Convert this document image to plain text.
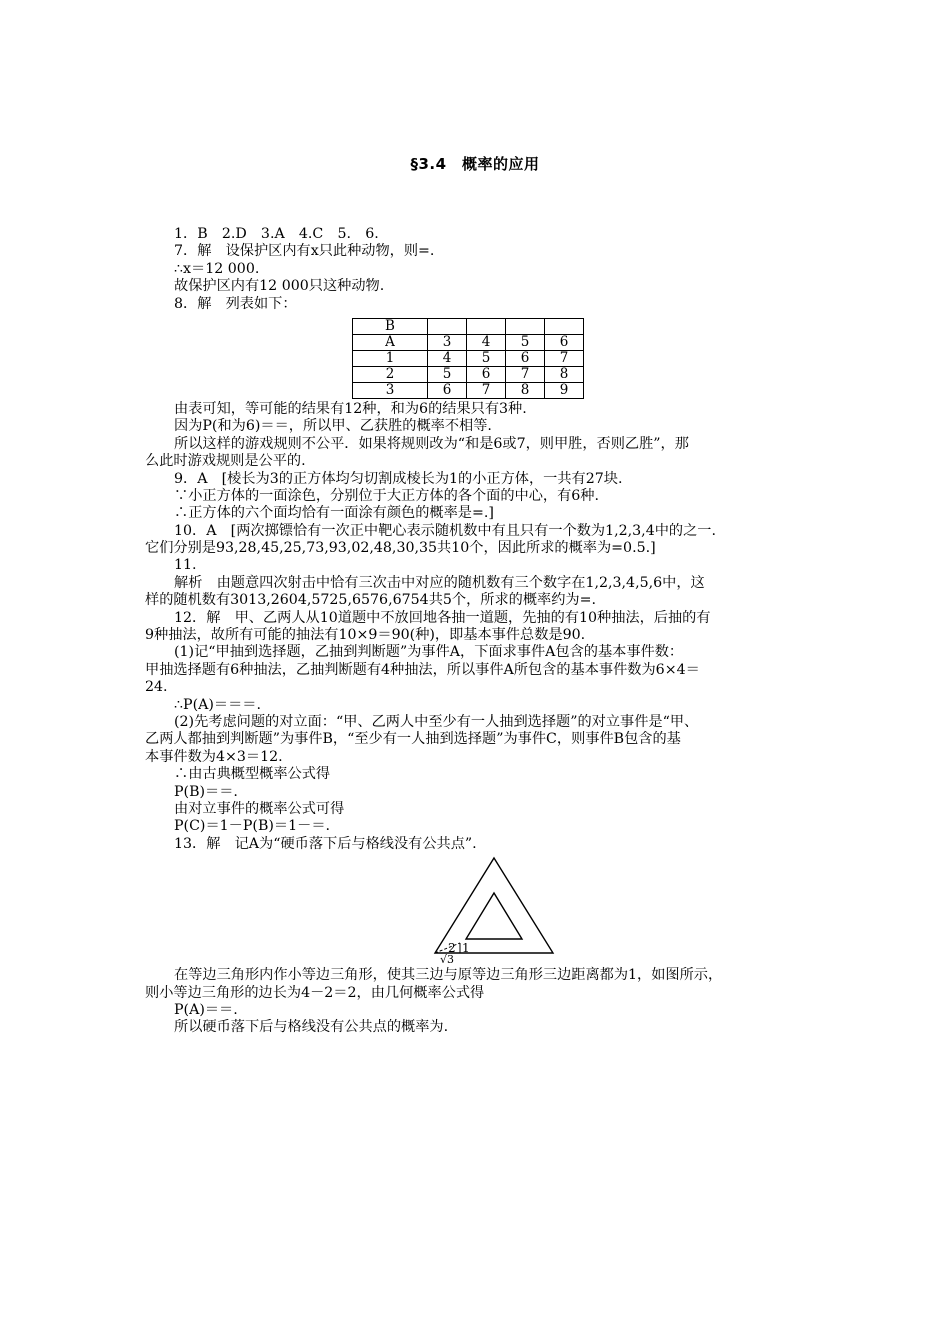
§3.4　概率的应用
1．B　2.D　3.A　4.C　5.　6.
7．解　设保护区内有x只此种动物，则=.
∴x＝12 000.
故保护区内有12 000只这种动物.
8．解　列表如下：
B				
A	3	4	5	6
1	4	5	6	7
2	5	6	7	8
3	6	7	8	9
由表可知，等可能的结果有12种，和为6的结果只有3种.
因为P(和为6)＝＝，所以甲、乙获胜的概率不相等.
所以这样的游戏规则不公平．如果将规则改为“和是6或7，则甲胜，否则乙胜”，那
么此时游戏规则是公平的.
9．A　[棱长为3的正方体均匀切割成棱长为1的小正方体，一共有27块.
∵小正方体的一面涂色，分别位于大正方体的各个面的中心，有6种.
∴正方体的六个面均恰有一面涂有颜色的概率是=.]
10．A　[两次掷镖恰有一次正中靶心表示随机数中有且只有一个数为1,2,3,4中的之一.
它们分别是93,28,45,25,73,93,02,48,30,35共10个，因此所求的概率为=0.5.]
11.
解析　由题意四次射击中恰有三次击中对应的随机数有三个数字在1,2,3,4,5,6中，这
样的随机数有3013,2604,5725,6576,6754共5个，所求的概率约为=.
12．解　甲、乙两人从10道题中不放回地各抽一道题，先抽的有10种抽法，后抽的有
9种抽法，故所有可能的抽法有10×9＝90(种)，即基本事件总数是90.
(1)记“甲抽到选择题，乙抽到判断题”为事件A，下面求事件A包含的基本事件数：
甲抽选择题有6种抽法，乙抽判断题有4种抽法，所以事件A所包含的基本事件数为6×4＝
24.
∴P(A)＝＝＝.
(2)先考虑问题的对立面：“甲、乙两人中至少有一人抽到选择题”的对立事件是“甲、
乙两人都抽到判断题”为事件B，“至少有一人抽到选择题”为事件C，则事件B包含的基
本事件数为4×3＝12.
∴由古典概型概率公式得
P(B)＝＝.
由对立事件的概率公式可得
P(C)＝1－P(B)＝1－＝.
13．解　记A为“硬币落下后与格线没有公共点”.
2 1
√3
在等边三角形内作小等边三角形，使其三边与原等边三角形三边距离都为1，如图所示，
则小等边三角形的边长为4－2＝2，由几何概率公式得
P(A)＝＝.
所以硬币落下后与格线没有公共点的概率为.
